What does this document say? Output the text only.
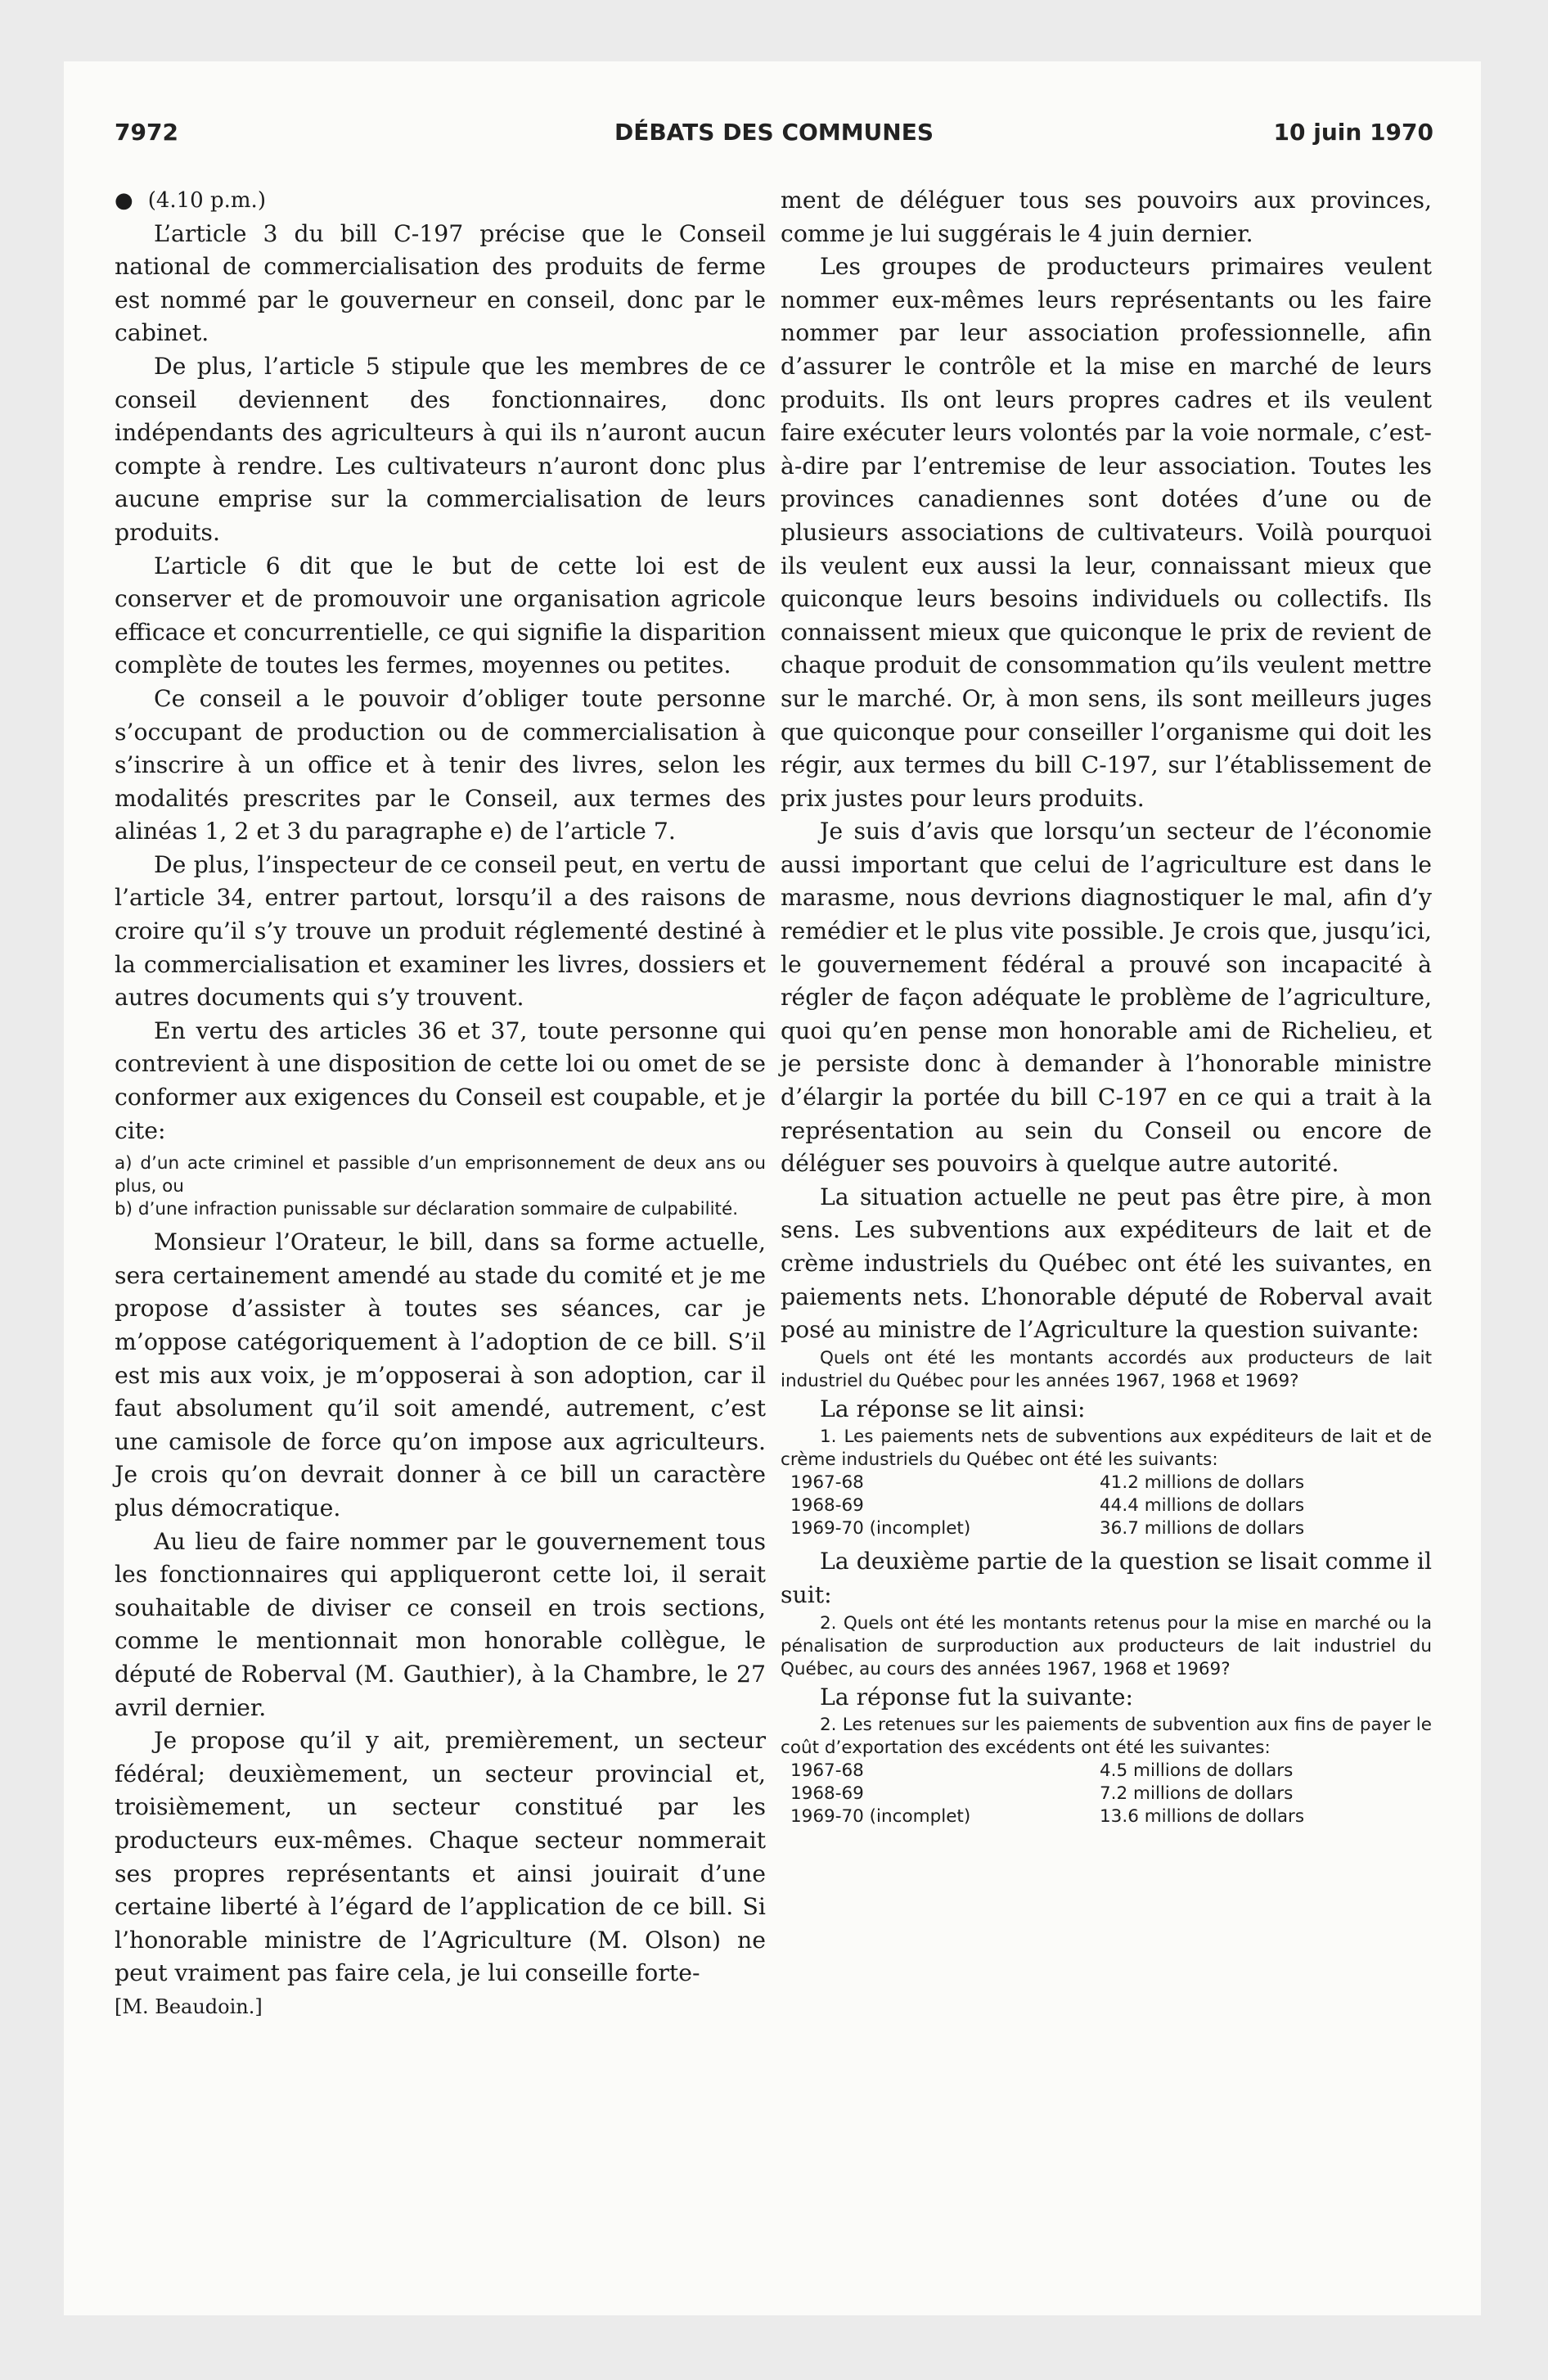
7972	DÉBATS DES COMMUNES	10 juin 1970

● (4.10 p.m.)

L’article 3 du bill C-197 précise que le Conseil national de commercialisation des produits de ferme est nommé par le gouverneur en conseil, donc par le cabinet.

De plus, l’article 5 stipule que les membres de ce conseil deviennent des fonctionnaires, donc indépendants des agriculteurs à qui ils n’auront aucun compte à rendre. Les cultivateurs n’auront donc plus aucune emprise sur la commercialisation de leurs produits.

L’article 6 dit que le but de cette loi est de conserver et de promouvoir une organisation agricole efficace et concurrentielle, ce qui signifie la disparition complète de toutes les fermes, moyennes ou petites.

Ce conseil a le pouvoir d’obliger toute personne s’occupant de production ou de commercialisation à s’inscrire à un office et à tenir des livres, selon les modalités prescrites par le Conseil, aux termes des alinéas 1, 2 et 3 du paragraphe e) de l’article 7.

De plus, l’inspecteur de ce conseil peut, en vertu de l’article 34, entrer partout, lorsqu’il a des raisons de croire qu’il s’y trouve un produit réglementé destiné à la commercialisation et examiner les livres, dossiers et autres documents qui s’y trouvent.

En vertu des articles 36 et 37, toute personne qui contrevient à une disposition de cette loi ou omet de se conformer aux exigences du Conseil est coupable, et je cite:

a) d’un acte criminel et passible d’un emprisonnement de deux ans ou plus, ou

b) d’une infraction punissable sur déclaration sommaire de culpabilité.

Monsieur l’Orateur, le bill, dans sa forme actuelle, sera certainement amendé au stade du comité et je me propose d’assister à toutes ses séances, car je m’oppose catégoriquement à l’adoption de ce bill. S’il est mis aux voix, je m’opposerai à son adoption, car il faut absolument qu’il soit amendé, autrement, c’est une camisole de force qu’on impose aux agriculteurs. Je crois qu’on devrait donner à ce bill un caractère plus démocratique.

Au lieu de faire nommer par le gouvernement tous les fonctionnaires qui appliqueront cette loi, il serait souhaitable de diviser ce conseil en trois sections, comme le mentionnait mon honorable collègue, le député de Roberval (M. Gauthier), à la Chambre, le 27 avril dernier.

Je propose qu’il y ait, premièrement, un secteur fédéral; deuxièmement, un secteur provincial et, troisièmement, un secteur constitué par les producteurs eux-mêmes. Chaque secteur nommerait ses propres représentants et ainsi jouirait d’une certaine liberté à l’égard de l’application de ce bill. Si l’honorable ministre de l’Agriculture (M. Olson) ne peut vraiment pas faire cela, je lui conseille forte-

[M. Beaudoin.]

ment de déléguer tous ses pouvoirs aux provinces, comme je lui suggérais le 4 juin dernier.

Les groupes de producteurs primaires veulent nommer eux-mêmes leurs représentants ou les faire nommer par leur association professionnelle, afin d’assurer le contrôle et la mise en marché de leurs produits. Ils ont leurs propres cadres et ils veulent faire exécuter leurs volontés par la voie normale, c’est-à-dire par l’entremise de leur association. Toutes les provinces canadiennes sont dotées d’une ou de plusieurs associations de cultivateurs. Voilà pourquoi ils veulent eux aussi la leur, connaissant mieux que quiconque leurs besoins individuels ou collectifs. Ils connaissent mieux que quiconque le prix de revient de chaque produit de consommation qu’ils veulent mettre sur le marché. Or, à mon sens, ils sont meilleurs juges que quiconque pour conseiller l’organisme qui doit les régir, aux termes du bill C-197, sur l’établissement de prix justes pour leurs produits.

Je suis d’avis que lorsqu’un secteur de l’économie aussi important que celui de l’agriculture est dans le marasme, nous devrions diagnostiquer le mal, afin d’y remédier et le plus vite possible. Je crois que, jusqu’ici, le gouvernement fédéral a prouvé son incapacité à régler de façon adéquate le problème de l’agriculture, quoi qu’en pense mon honorable ami de Richelieu, et je persiste donc à demander à l’honorable ministre d’élargir la portée du bill C-197 en ce qui a trait à la représentation au sein du Conseil ou encore de déléguer ses pouvoirs à quelque autre autorité.

La situation actuelle ne peut pas être pire, à mon sens. Les subventions aux expéditeurs de lait et de crème industriels du Québec ont été les suivantes, en paiements nets. L’honorable député de Roberval avait posé au ministre de l’Agriculture la question suivante:

Quels ont été les montants accordés aux producteurs de lait industriel du Québec pour les années 1967, 1968 et 1969?

La réponse se lit ainsi:

1. Les paiements nets de subventions aux expéditeurs de lait et de crème industriels du Québec ont été les suivants:

1967-68	41.2 millions de dollars
1968-69	44.4 millions de dollars
1969-70 (incomplet)	36.7 millions de dollars

La deuxième partie de la question se lisait comme il suit:

2. Quels ont été les montants retenus pour la mise en marché ou la pénalisation de surproduction aux producteurs de lait industriel du Québec, au cours des années 1967, 1968 et 1969?

La réponse fut la suivante:

2. Les retenues sur les paiements de subvention aux fins de payer le coût d’exportation des excédents ont été les suivantes:

1967-68	4.5 millions de dollars
1968-69	7.2 millions de dollars
1969-70 (incomplet)	13.6 millions de dollars
